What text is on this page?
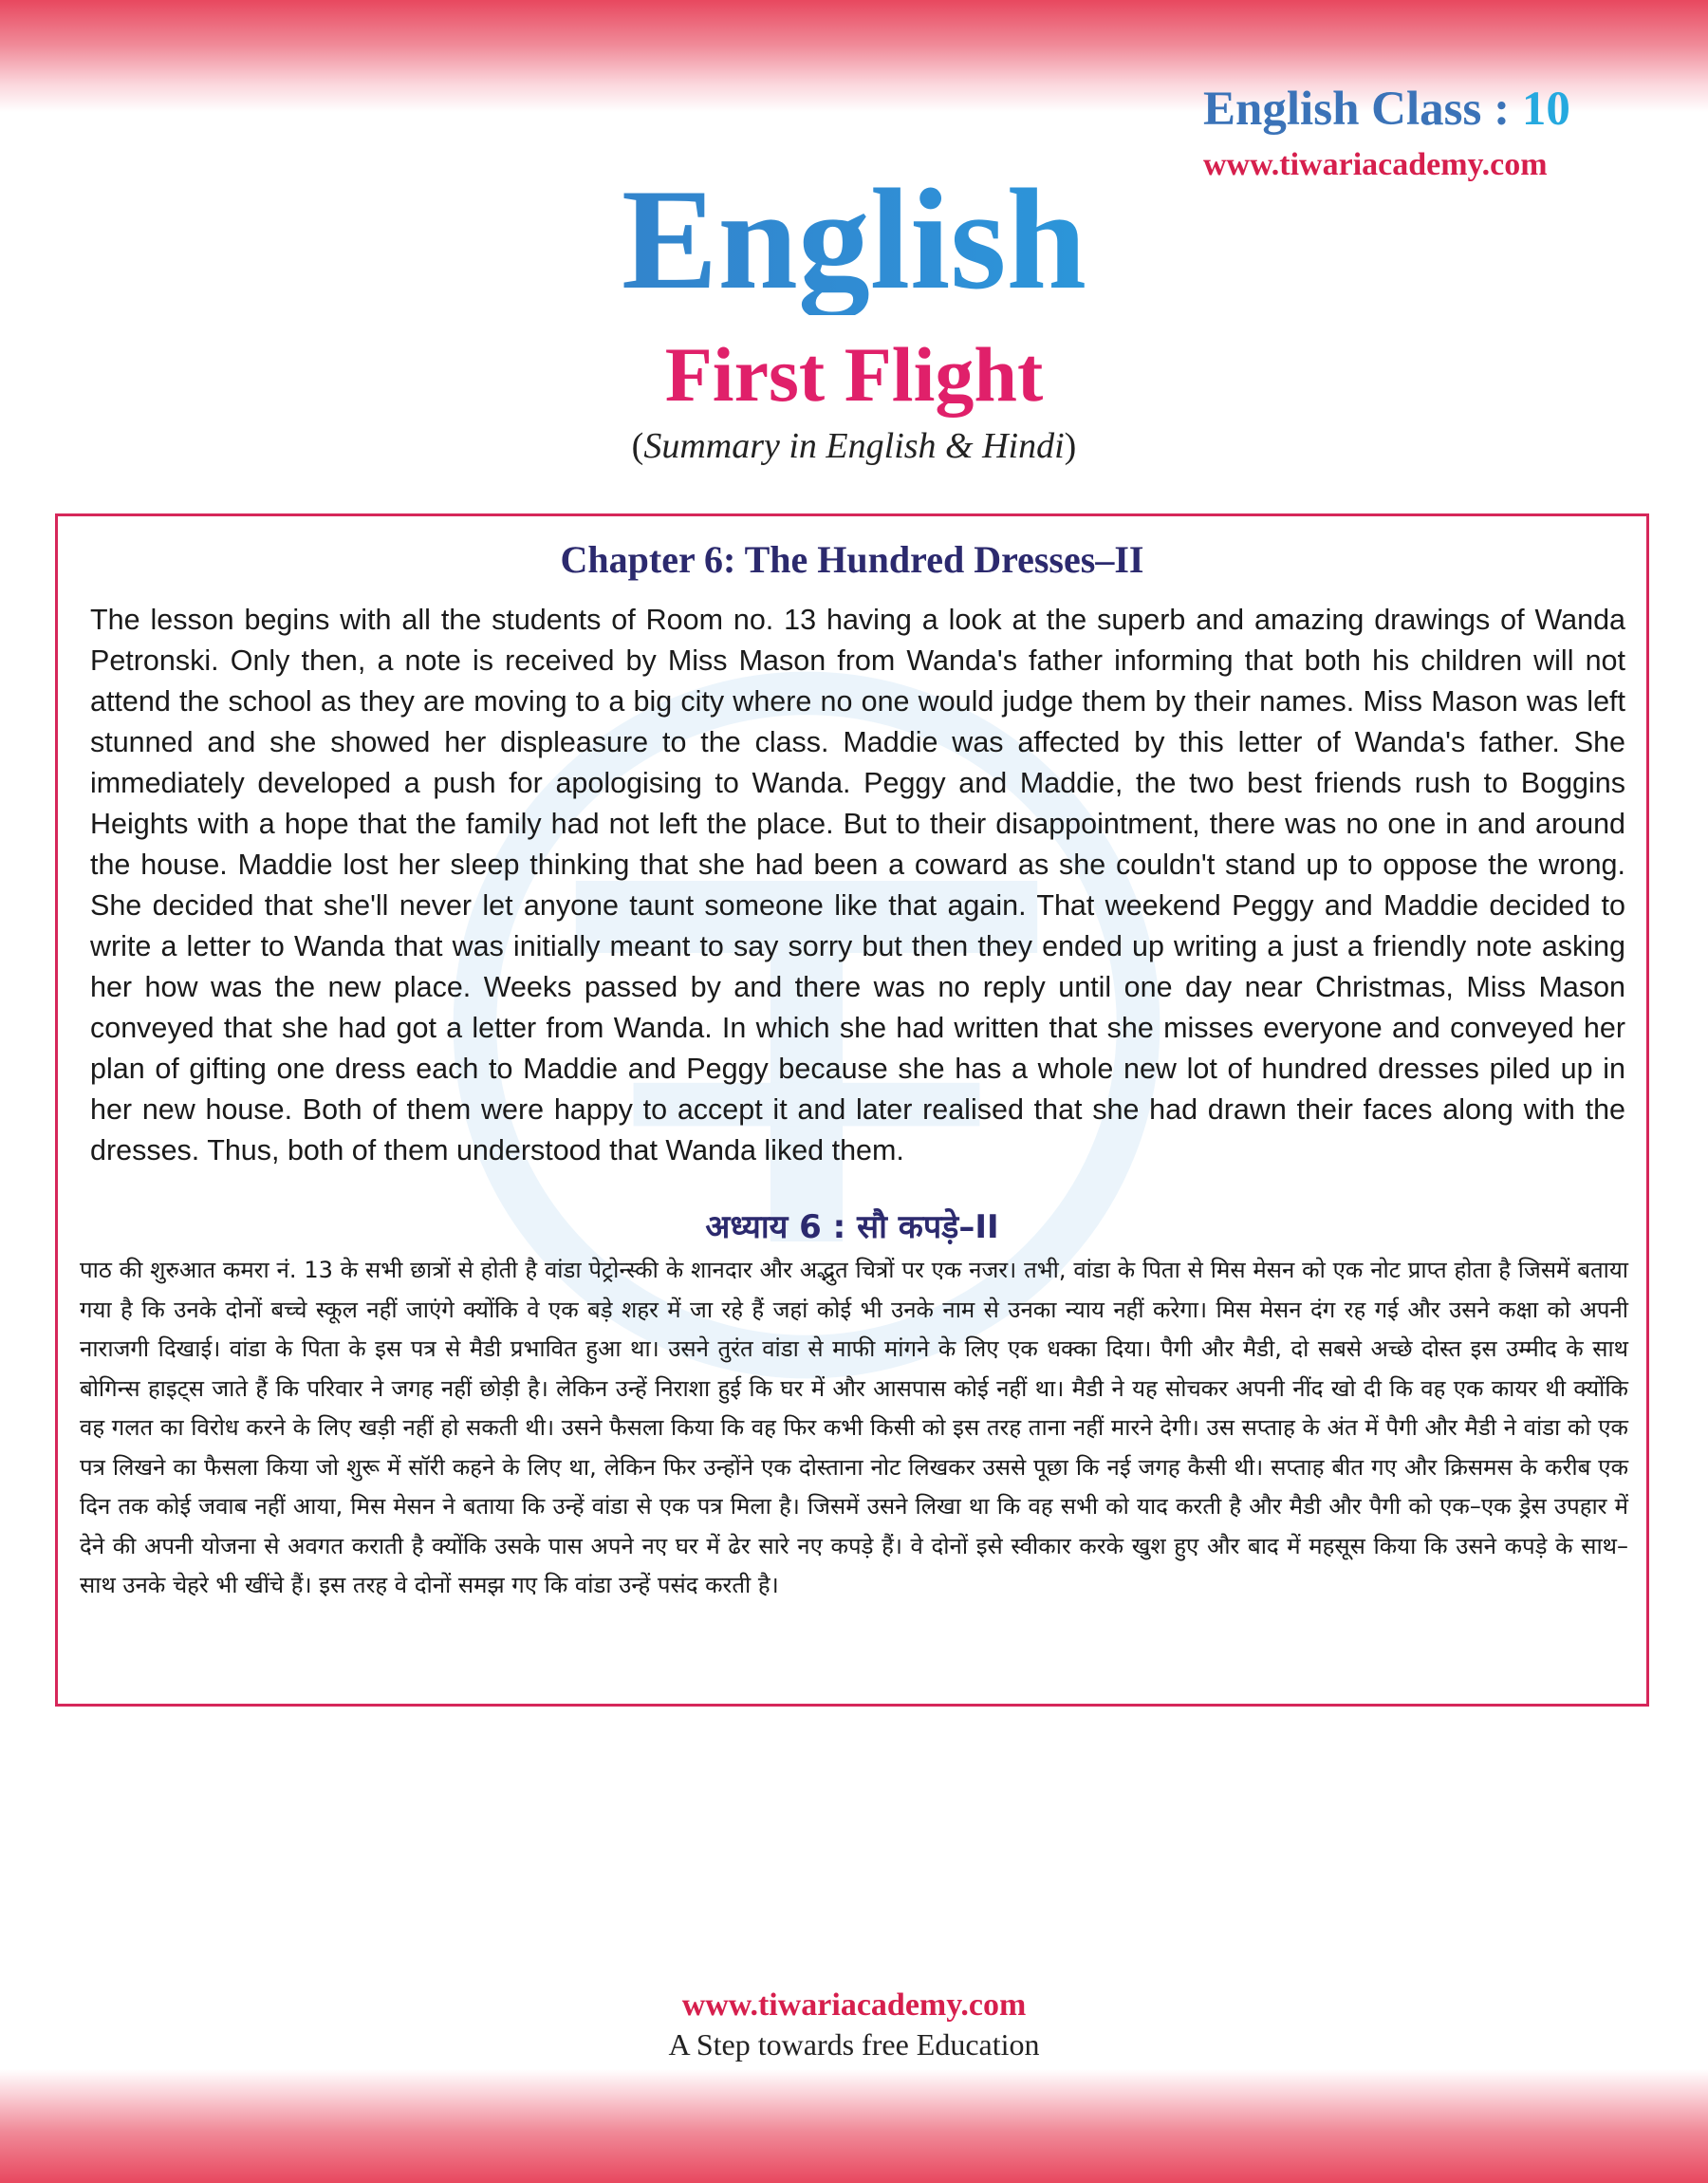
English Class : 10
English
First Flight
(Summary in English & Hindi)
Chapter 6: The Hundred Dresses–II

The lesson begins with all the students of Room no. 13 having a look at the superb and amazing drawings of Wanda Petronski. Only then, a note is received by Miss Mason from Wanda's father informing that both his children will not attend the school as they are moving to a big city where no one would judge them by their names. Miss Mason was left stunned and she showed her displeasure to the class. Maddie was affected by this letter of Wanda's father. She immediately developed a push for apologising to Wanda. Peggy and Maddie, the two best friends rush to Boggins Heights with a hope that the family had not left the place. But to their disappointment, there was no one in and around the house. Maddie lost her sleep thinking that she had been a coward as she couldn't stand up to oppose the wrong. She decided that she'll never let anyone taunt someone like that again. That weekend Peggy and Maddie decided to write a letter to Wanda that was initially meant to say sorry but then they ended up writing a just a friendly note asking her how was the new place. Weeks passed by and there was no reply until one day near Christmas, Miss Mason conveyed that she had got a letter from Wanda. In which she had written that she misses everyone and conveyed her plan of gifting one dress each to Maddie and Peggy because she has a whole new lot of hundred dresses piled up in her new house. Both of them were happy to accept it and later realised that she had drawn their faces along with the dresses. Thus, both of them understood that Wanda liked them.

अध्याय 6 : सौ कपड़े–II

पाठ की शुरुआत कमरा नं. 13 के सभी छात्रों से होती है वांडा पेट्रोन्स्की के शानदार और अद्भुत चित्रों पर एक नजर। तभी, वांडा के पिता से मिस मेसन को एक नोट प्राप्त होता है जिसमें बताया गया है कि उनके दोनों बच्चे स्कूल नहीं जाएंगे क्योंकि वे एक बड़े शहर में जा रहे हैं जहां कोई भी उनके नाम से उनका न्याय नहीं करेगा। मिस मेसन दंग रह गई और उसने कक्षा को अपनी नाराजगी दिखाई। वांडा के पिता के इस पत्र से मैडी प्रभावित हुआ था। उसने तुरंत वांडा से माफी मांगने के लिए एक धक्का दिया। पैगी और मैडी, दो सबसे अच्छे दोस्त इस उम्मीद के साथ बोगिन्स हाइट्स जाते हैं कि परिवार ने जगह नहीं छोड़ी है। लेकिन उन्हें निराशा हुई कि घर में और आसपास कोई नहीं था। मैडी ने यह सोचकर अपनी नींद खो दी कि वह एक कायर थी क्योंकि वह गलत का विरोध करने के लिए खड़ी नहीं हो सकती थी। उसने फैसला किया कि वह फिर कभी किसी को इस तरह ताना नहीं मारने देगी। उस सप्ताह के अंत में पैगी और मैडी ने वांडा को एक पत्र लिखने का फैसला किया जो शुरू में सॉरी कहने के लिए था, लेकिन फिर उन्होंने एक दोस्ताना नोट लिखकर उससे पूछा कि नई जगह कैसी थी। सप्ताह बीत गए और क्रिसमस के करीब एक दिन तक कोई जवाब नहीं आया, मिस मेसन ने बताया कि उन्हें वांडा से एक पत्र मिला है। जिसमें उसने लिखा था कि वह सभी को याद करती है और मैडी और पैगी को एक–एक ड्रेस उपहार में देने की अपनी योजना से अवगत कराती है क्योंकि उसके पास अपने नए घर में ढेर सारे नए कपड़े हैं। वे दोनों इसे स्वीकार करके खुश हुए और बाद में महसूस किया कि उसने कपड़े के साथ–साथ उनके चेहरे भी खींचे हैं। इस तरह वे दोनों समझ गए कि वांडा उन्हें पसंद करती है।

www.tiwariacademy.com
A Step towards free Education
